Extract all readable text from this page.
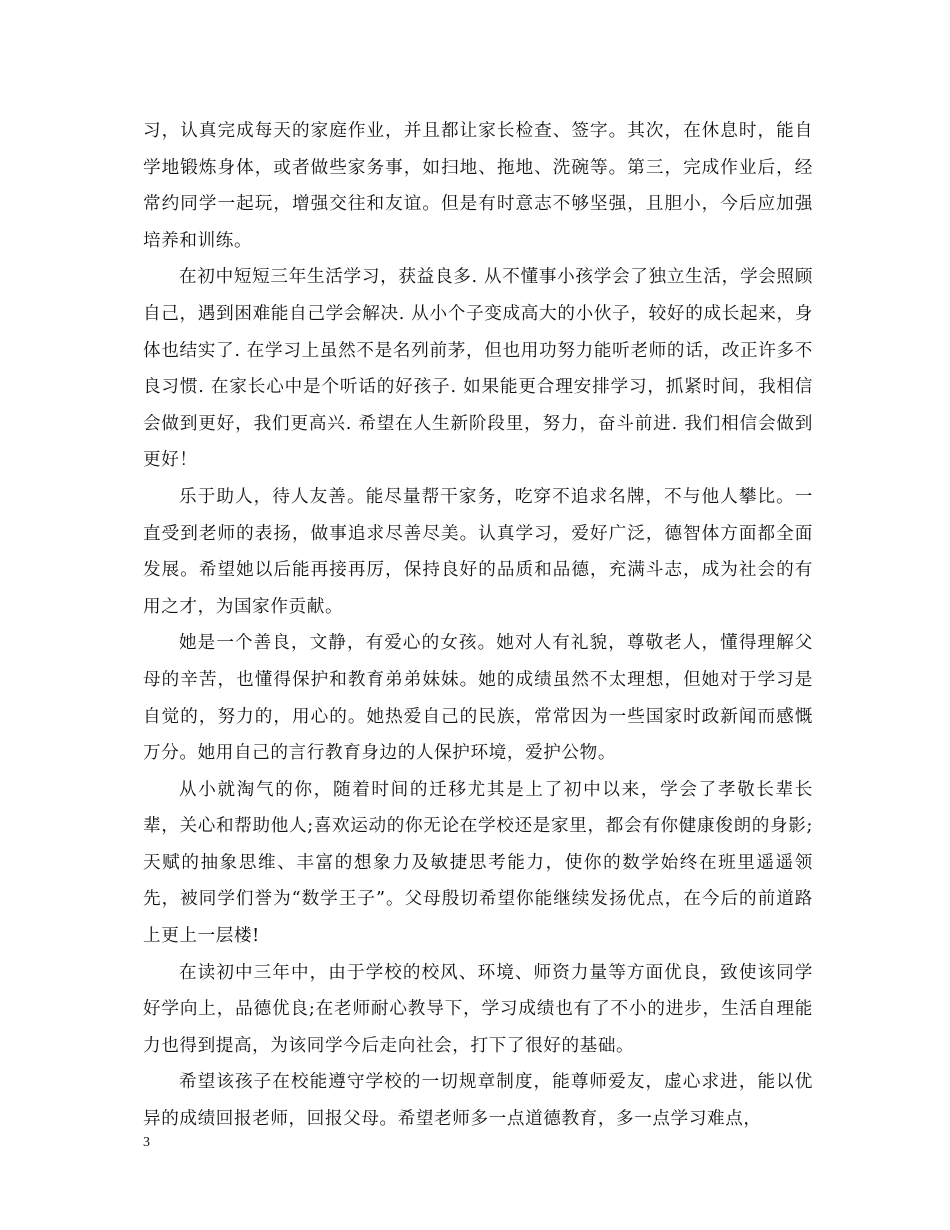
习，认真完成每天的家庭作业，并且都让家长检查、签字。其次，在休息时，能自学地锻炼身体，或者做些家务事，如扫地、拖地、洗碗等。第三，完成作业后，经常约同学一起玩，增强交往和友谊。但是有时意志不够坚强，且胆小，今后应加强培养和训练。

在初中短短三年生活学习，获益良多. 从不懂事小孩学会了独立生活，学会照顾自己，遇到困难能自己学会解决. 从小个子变成高大的小伙子，较好的成长起来，身体也结实了. 在学习上虽然不是名列前茅，但也用功努力能听老师的话，改正许多不良习惯. 在家长心中是个听话的好孩子. 如果能更合理安排学习，抓紧时间，我相信会做到更好，我们更高兴. 希望在人生新阶段里，努力，奋斗前进. 我们相信会做到更好！

乐于助人，待人友善。能尽量帮干家务，吃穿不追求名牌，不与他人攀比。一直受到老师的表扬，做事追求尽善尽美。认真学习，爱好广泛，德智体方面都全面发展。希望她以后能再接再厉，保持良好的品质和品德，充满斗志，成为社会的有用之才，为国家作贡献。

她是一个善良，文静，有爱心的女孩。她对人有礼貌，尊敬老人，懂得理解父母的辛苦，也懂得保护和教育弟弟妹妹。她的成绩虽然不太理想，但她对于学习是自觉的，努力的，用心的。她热爱自己的民族，常常因为一些国家时政新闻而感慨万分。她用自己的言行教育身边的人保护环境，爱护公物。

从小就淘气的你，随着时间的迁移尤其是上了初中以来，学会了孝敬长辈长辈，关心和帮助他人;喜欢运动的你无论在学校还是家里，都会有你健康俊朗的身影;天赋的抽象思维、丰富的想象力及敏捷思考能力，使你的数学始终在班里遥遥领先，被同学们誉为“数学王子”。父母殷切希望你能继续发扬优点，在今后的前道路上更上一层楼!

在读初中三年中，由于学校的校风、环境、师资力量等方面优良，致使该同学好学向上，品德优良;在老师耐心教导下，学习成绩也有了不小的进步，生活自理能力也得到提高，为该同学今后走向社会，打下了很好的基础。

希望该孩子在校能遵守学校的一切规章制度，能尊师爱友，虚心求进，能以优异的成绩回报老师，回报父母。希望老师多一点道德教育，多一点学习难点，

3
